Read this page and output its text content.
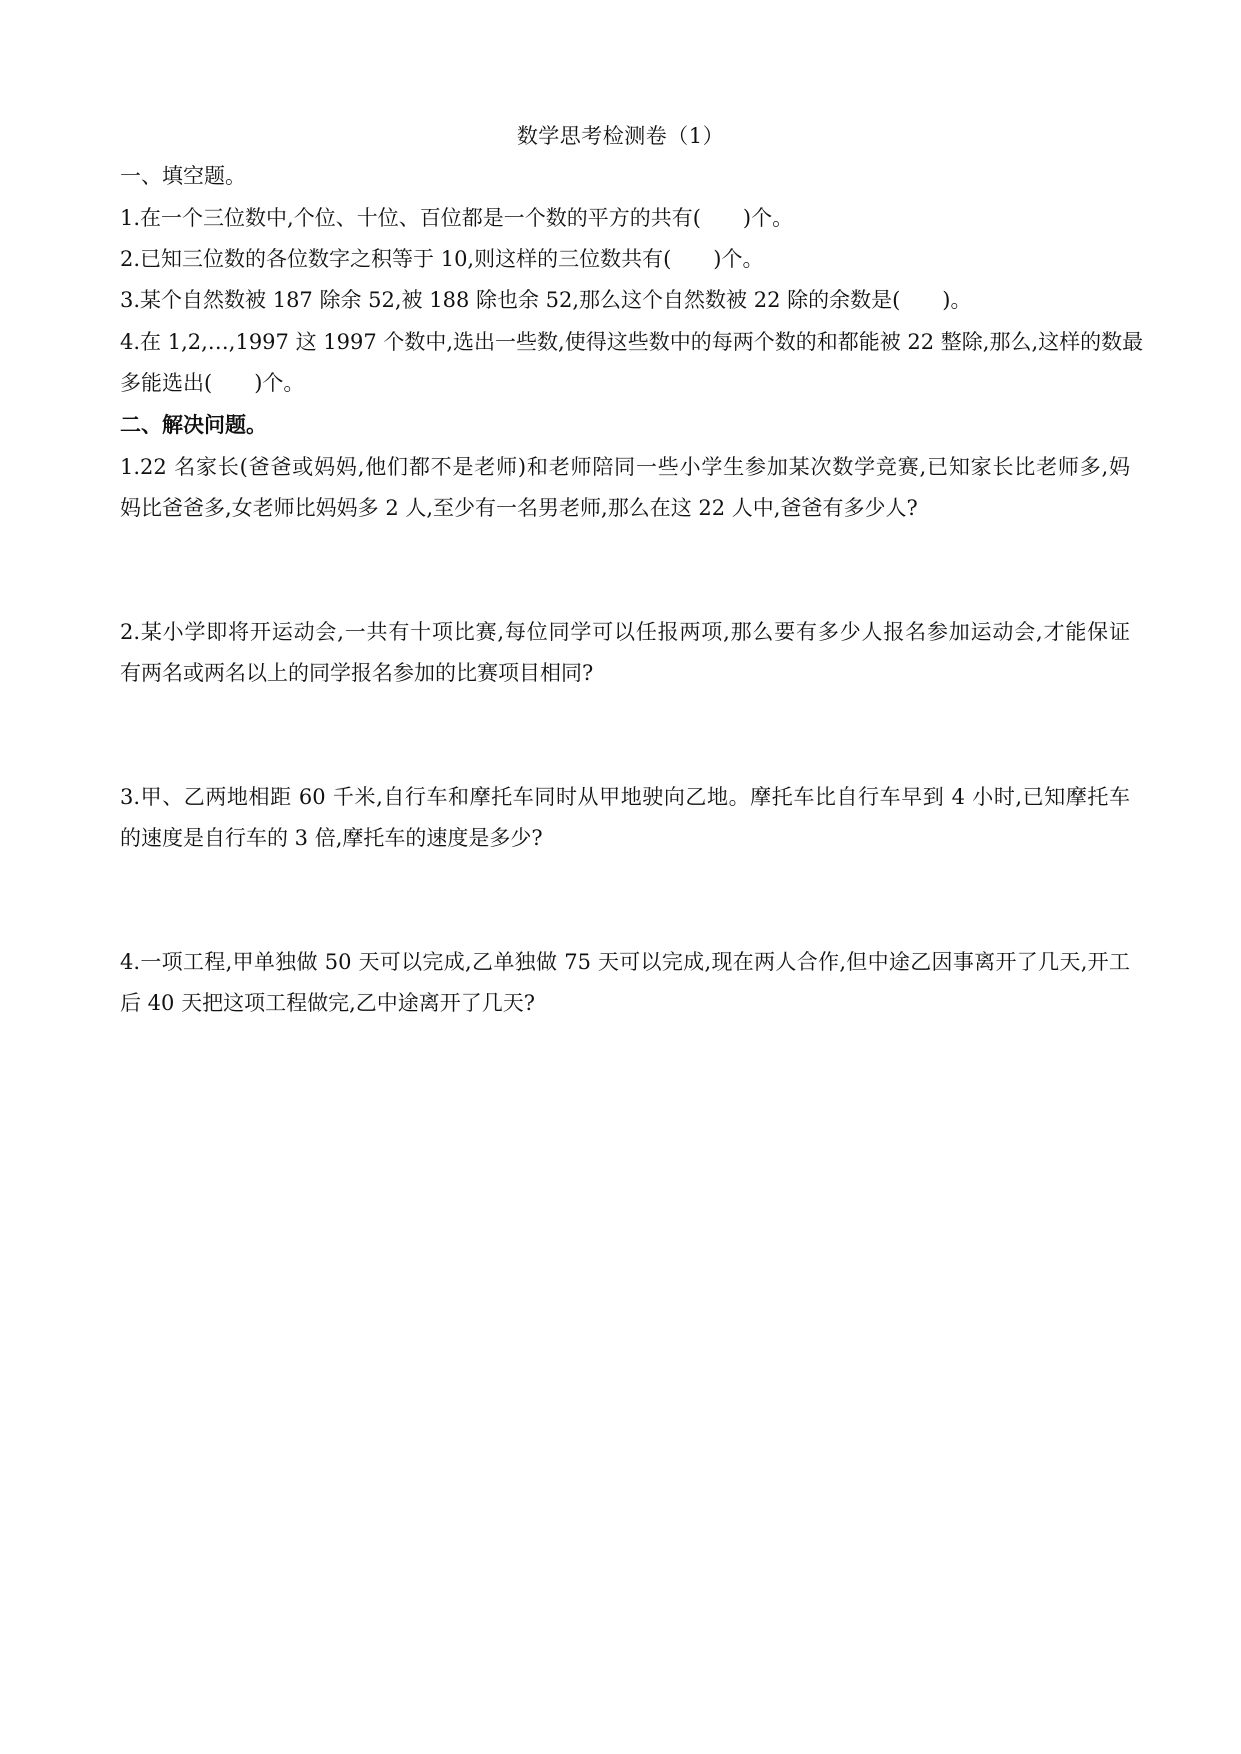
数学思考检测卷（1）
一、填空题。
1.在一个三位数中,个位、十位、百位都是一个数的平方的共有(　　)个。
2.已知三位数的各位数字之积等于 10,则这样的三位数共有(　　)个。
3.某个自然数被 187 除余 52,被 188 除也余 52,那么这个自然数被 22 除的余数是(　　)。
4.在 1,2,…,1997 这 1997 个数中,选出一些数,使得这些数中的每两个数的和都能被 22 整除,那么,这样的数最
多能选出(　　)个。
二、解决问题。
1.22 名家长(爸爸或妈妈,他们都不是老师)和老师陪同一些小学生参加某次数学竞赛,已知家长比老师多,妈
妈比爸爸多,女老师比妈妈多 2 人,至少有一名男老师,那么在这 22 人中,爸爸有多少人?
2.某小学即将开运动会,一共有十项比赛,每位同学可以任报两项,那么要有多少人报名参加运动会,才能保证
有两名或两名以上的同学报名参加的比赛项目相同?
3.甲、乙两地相距 60 千米,自行车和摩托车同时从甲地驶向乙地。摩托车比自行车早到 4 小时,已知摩托车
的速度是自行车的 3 倍,摩托车的速度是多少?
4.一项工程,甲单独做 50 天可以完成,乙单独做 75 天可以完成,现在两人合作,但中途乙因事离开了几天,开工
后 40 天把这项工程做完,乙中途离开了几天?
